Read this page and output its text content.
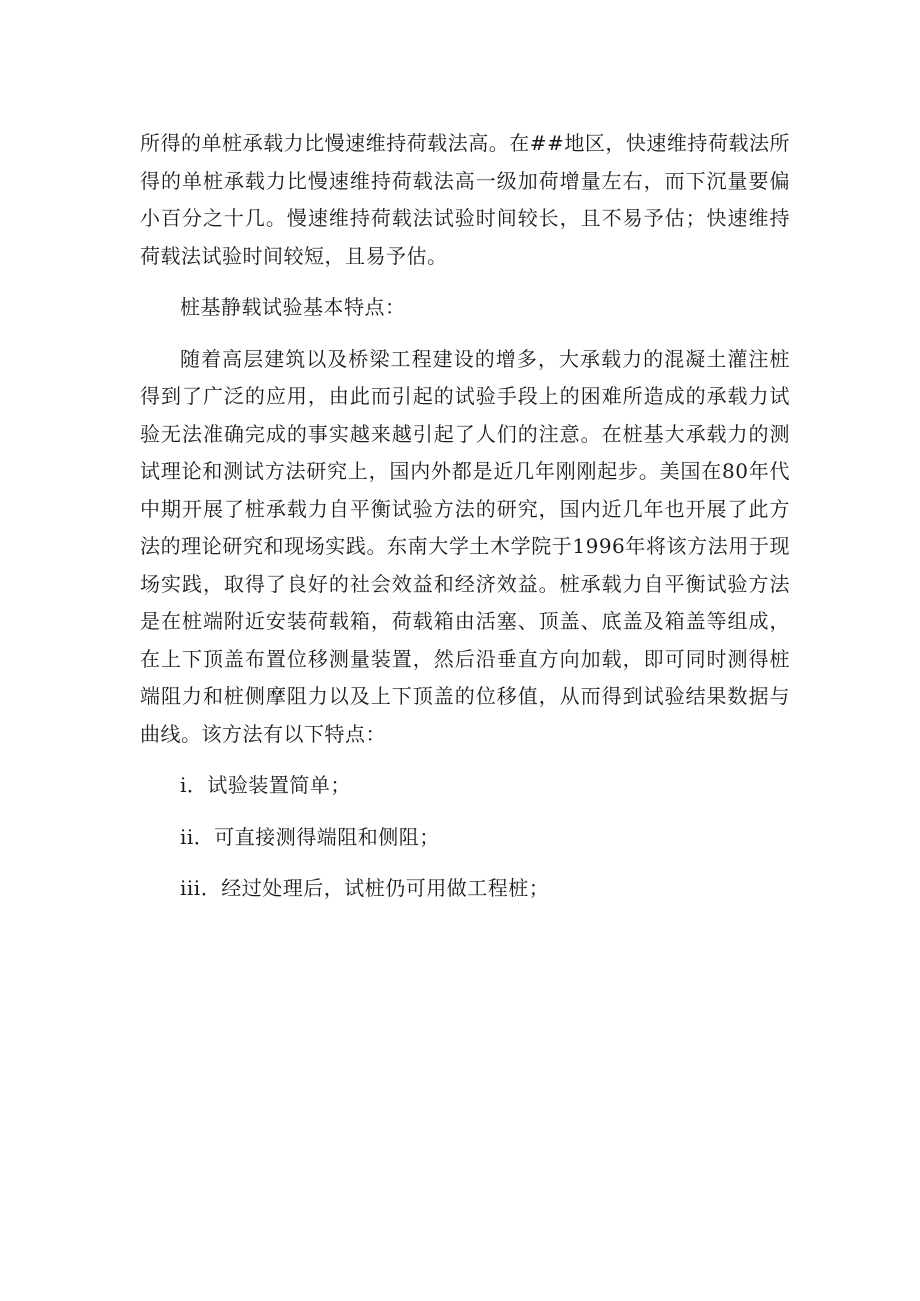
所得的单桩承载力比慢速维持荷载法高。在##地区，快速维持荷载法所得的单桩承载力比慢速维持荷载法高一级加荷增量左右，而下沉量要偏小百分之十几。慢速维持荷载法试验时间较长，且不易予估；快速维持荷载法试验时间较短，且易予估。

桩基静载试验基本特点：

随着高层建筑以及桥梁工程建设的增多，大承载力的混凝土灌注桩得到了广泛的应用，由此而引起的试验手段上的困难所造成的承载力试验无法准确完成的事实越来越引起了人们的注意。在桩基大承载力的测试理论和测试方法研究上，国内外都是近几年刚刚起步。美国在80年代中期开展了桩承载力自平衡试验方法的研究，国内近几年也开展了此方法的理论研究和现场实践。东南大学土木学院于1996年将该方法用于现场实践，取得了良好的社会效益和经济效益。桩承载力自平衡试验方法是在桩端附近安装荷载箱，荷载箱由活塞、顶盖、底盖及箱盖等组成，在上下顶盖布置位移测量装置，然后沿垂直方向加载，即可同时测得桩端阻力和桩侧摩阻力以及上下顶盖的位移值，从而得到试验结果数据与曲线。该方法有以下特点：

i．试验装置简单；

ii．可直接测得端阻和侧阻；

iii．经过处理后，试桩仍可用做工程桩；
